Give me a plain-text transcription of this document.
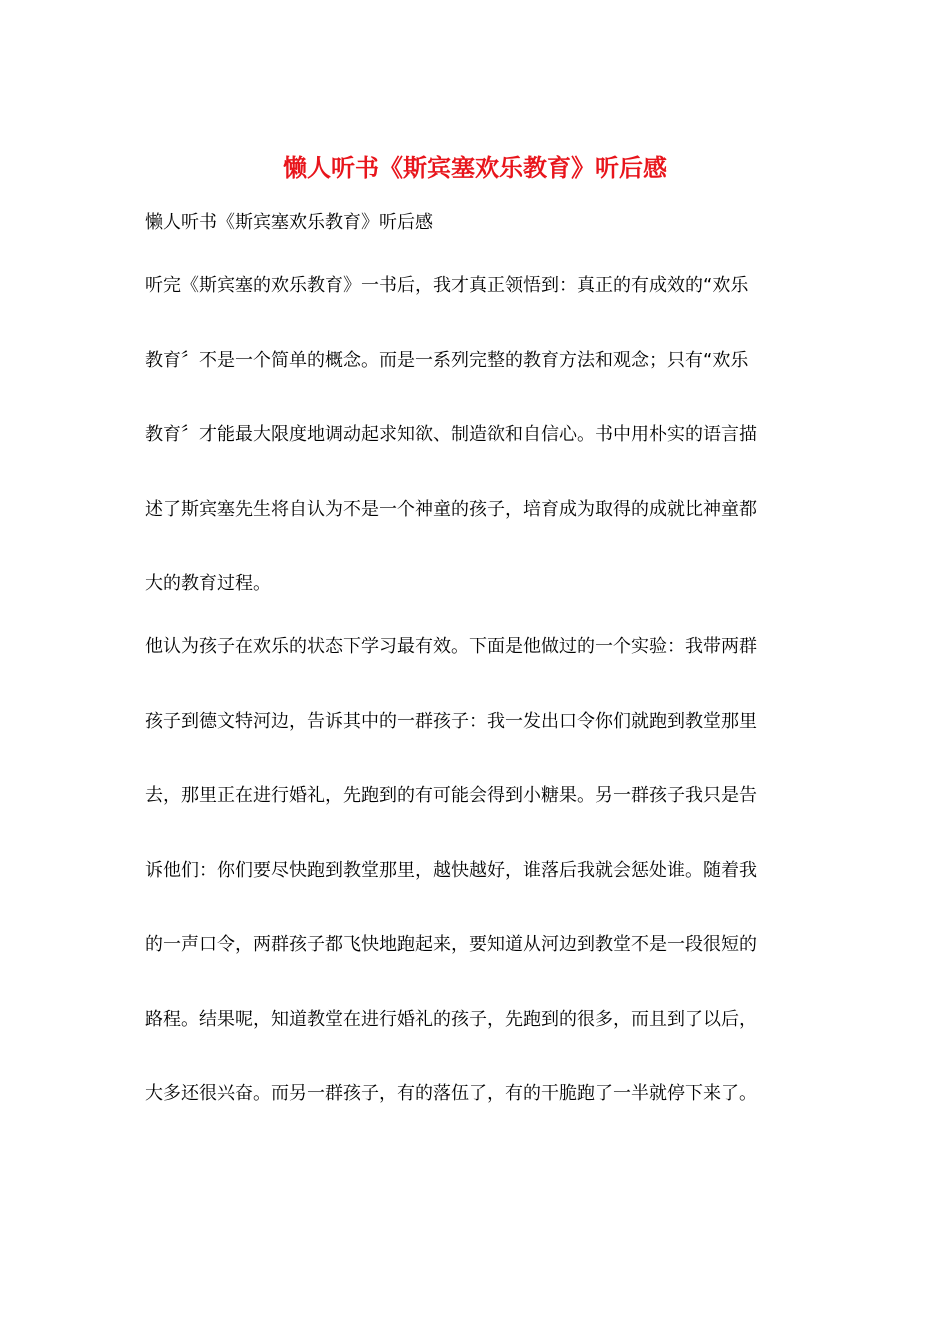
懒人听书《斯宾塞欢乐教育》听后感

懒人听书《斯宾塞欢乐教育》听后感

听完《斯宾塞的欢乐教育》一书后，我才真正领悟到：真正的有成效的“欢乐
教育〞不是一个简单的概念。而是一系列完整的教育方法和观念；只有“欢乐
教育〞才能最大限度地调动起求知欲、制造欲和自信心。书中用朴实的语言描
述了斯宾塞先生将自认为不是一个神童的孩子，培育成为取得的成就比神童都
大的教育过程。
他认为孩子在欢乐的状态下学习最有效。下面是他做过的一个实验：我带两群
孩子到德文特河边，告诉其中的一群孩子：我一发出口令你们就跑到教堂那里
去，那里正在进行婚礼，先跑到的有可能会得到小糖果。另一群孩子我只是告
诉他们：你们要尽快跑到教堂那里，越快越好，谁落后我就会惩处谁。随着我
的一声口令，两群孩子都飞快地跑起来，要知道从河边到教堂不是一段很短的
路程。结果呢，知道教堂在进行婚礼的孩子，先跑到的很多，而且到了以后，
大多还很兴奋。而另一群孩子，有的落伍了，有的干脆跑了一半就停下来了。
